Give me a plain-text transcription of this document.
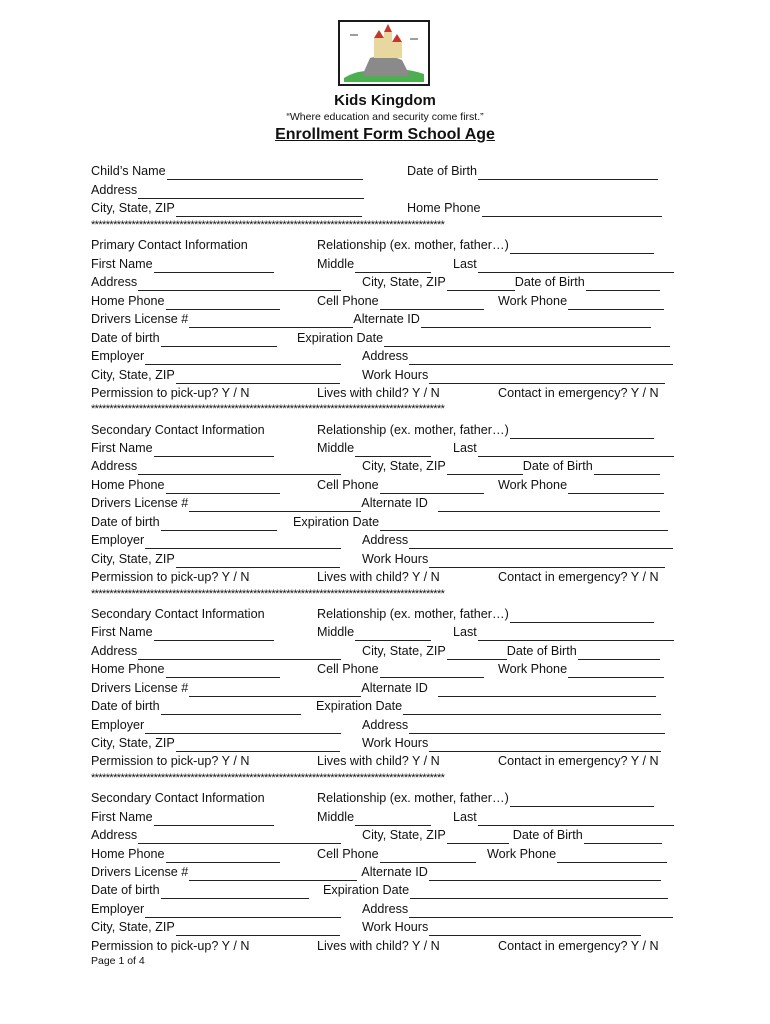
Kids Kingdom
“Where education and security come first.”
Enrollment Form School Age
Child’s Name	Date of Birth
Address
City, State, ZIP	Home Phone
************************************************************************************************
Primary Contact Information	Relationship (ex. mother, father…)
First Name	Middle	Last
Address	City, State, ZIP	Date of Birth
Home Phone	Cell Phone	Work Phone
Drivers License #	Alternate ID
Date of birth	Expiration Date
Employer	Address
City, State, ZIP	Work Hours
Permission to pick-up? Y / N	Lives with child? Y / N	Contact in emergency? Y / N
************************************************************************************************
Secondary Contact Information	Relationship (ex. mother, father…)
First Name	Middle	Last
Address	City, State, ZIP	Date of Birth
Home Phone	Cell Phone	Work Phone
Drivers License #	Alternate ID
Date of birth	Expiration Date
Employer	Address
City, State, ZIP	Work Hours
Permission to pick-up? Y / N	Lives with child? Y / N	Contact in emergency? Y / N
************************************************************************************************
Secondary Contact Information	Relationship (ex. mother, father…)
First Name	Middle	Last
Address	City, State, ZIP	Date of Birth
Home Phone	Cell Phone	Work Phone
Drivers License #	Alternate ID
Date of birth	Expiration Date
Employer	Address
City, State, ZIP	Work Hours
Permission to pick-up? Y / N	Lives with child? Y / N	Contact in emergency? Y / N
************************************************************************************************
Secondary Contact Information	Relationship (ex. mother, father…)
First Name	Middle	Last
Address	City, State, ZIP	Date of Birth
Home Phone	Cell Phone	Work Phone
Drivers License #	Alternate ID
Date of birth	Expiration Date
Employer	Address
City, State, ZIP	Work Hours
Permission to pick-up? Y / N	Lives with child? Y / N	Contact in emergency? Y / N
Page 1 of 4
